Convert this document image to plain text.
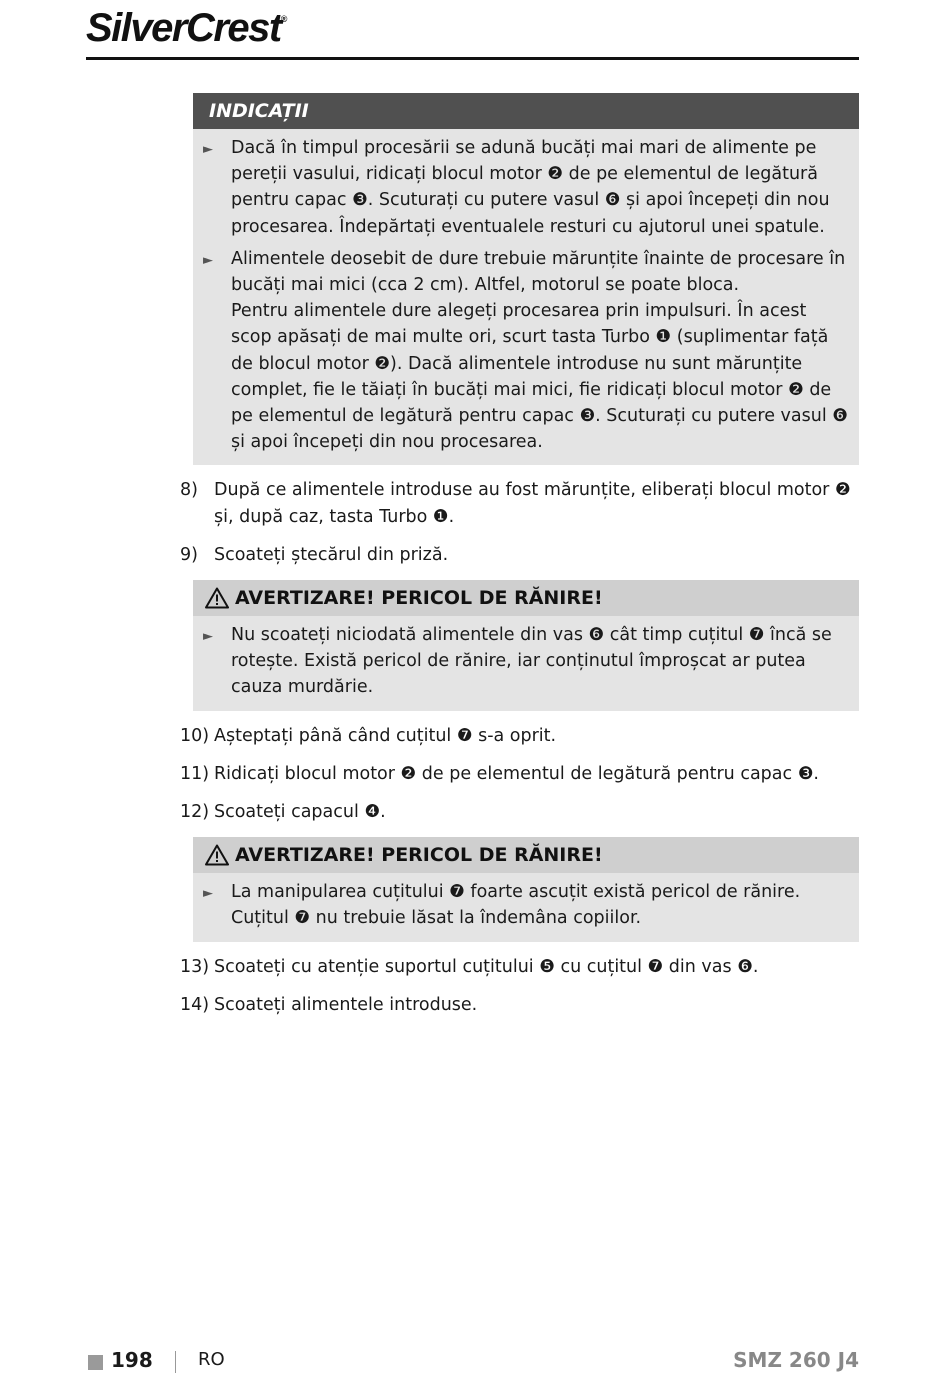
SilverCrest®
INDICAȚII
►	Dacă în timpul procesării se adună bucăți mai mari de alimente pe pereții vasului, ridicați blocul motor ❷ de pe elementul de legătură pentru capac ❸. Scuturați cu putere vasul ❻ și apoi începeți din nou procesarea. Îndepărtați eventualele resturi cu ajutorul unei spatule.
►	Alimentele deosebit de dure trebuie mărunțite înainte de procesare în bucăți mai mici (cca 2 cm). Altfel, motorul se poate bloca.
Pentru alimentele dure alegeți procesarea prin impulsuri. În acest scop apăsați de mai multe ori, scurt tasta Turbo ❶ (suplimentar față de blocul motor ❷). Dacă alimentele introduse nu sunt mărunțite complet, fie le tăiați în bucăți mai mici, fie ridicați blocul motor ❷ de pe elementul de legătură pentru capac ❸. Scuturați cu putere vasul ❻ și apoi începeți din nou procesarea.
8) După ce alimentele introduse au fost mărunțite, eliberați blocul motor ❷ și, după caz, tasta Turbo ❶.
9) Scoateți ștecărul din priză.
AVERTIZARE! PERICOL DE RĂNIRE!
►	Nu scoateți niciodată alimentele din vas ❻ cât timp cuțitul ❼ încă se rotește. Există pericol de rănire, iar conținutul împroșcat ar putea cauza murdărie.
10) Așteptați până când cuțitul ❼ s-a oprit.
11) Ridicați blocul motor ❷ de pe elementul de legătură pentru capac ❸.
12) Scoateți capacul ❹.
AVERTIZARE! PERICOL DE RĂNIRE!
►	La manipularea cuțitului ❼ foarte ascuțit există pericol de rănire. Cuțitul ❼ nu trebuie lăsat la îndemâna copiilor.
13) Scoateți cu atenție suportul cuțitului ❺ cu cuțitul ❼ din vas ❻.
14) Scoateți alimentele introduse.
198	RO	SMZ 260 J4
